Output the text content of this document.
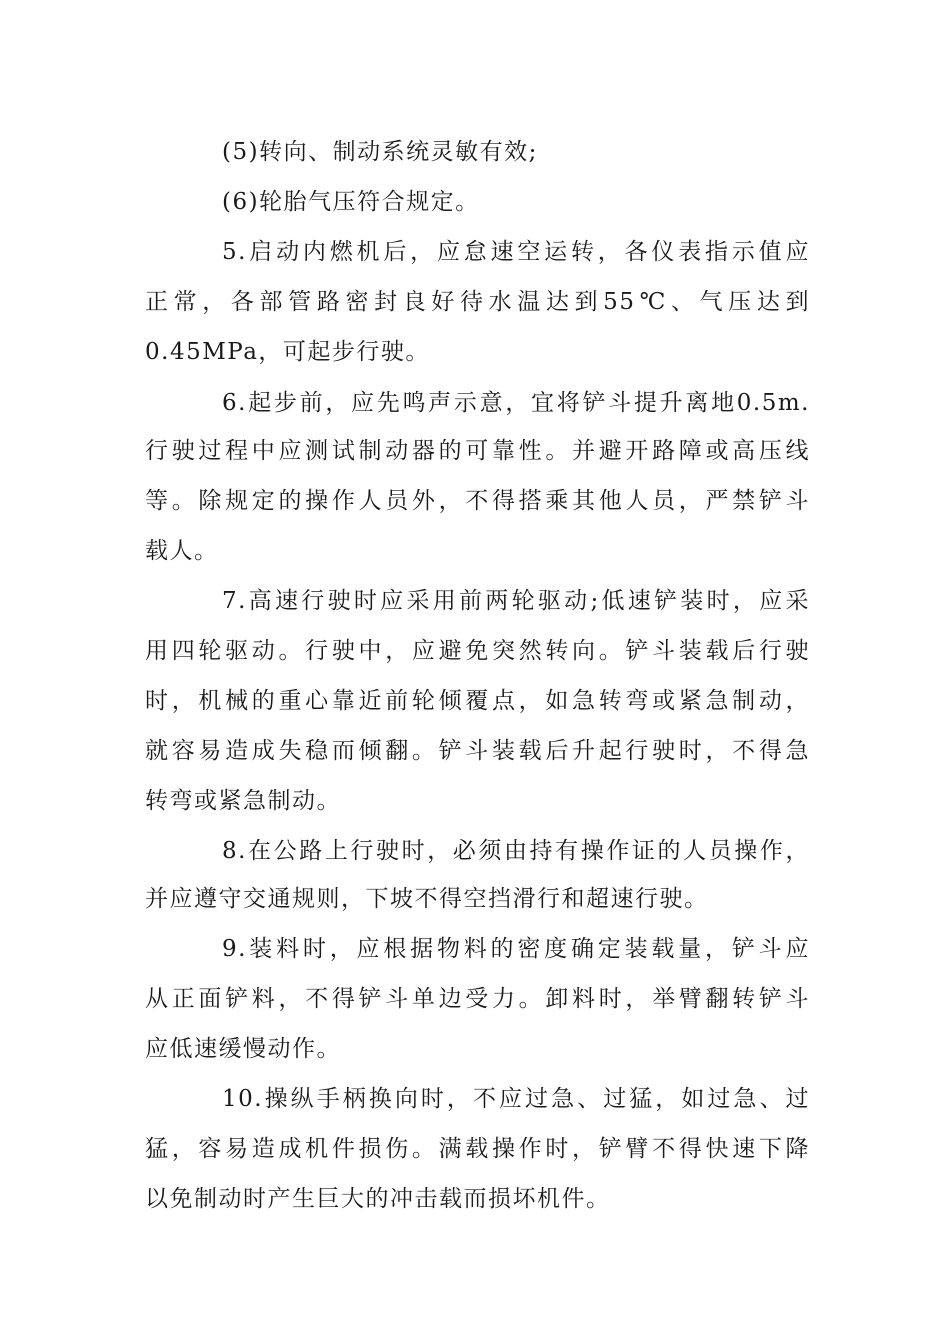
(5)转向、制动系统灵敏有效;
(6)轮胎气压符合规定。
5.启动内燃机后，应怠速空运转，各仪表指示值应
正常，各部管路密封良好待水温达到55℃、气压达到
0.45MPa，可起步行驶。
6.起步前，应先鸣声示意，宜将铲斗提升离地0.5m.
行驶过程中应测试制动器的可靠性。并避开路障或高压线
等。除规定的操作人员外，不得搭乘其他人员，严禁铲斗
载人。
7.高速行驶时应采用前两轮驱动;低速铲装时，应采
用四轮驱动。行驶中，应避免突然转向。铲斗装载后行驶
时，机械的重心靠近前轮倾覆点，如急转弯或紧急制动，
就容易造成失稳而倾翻。铲斗装载后升起行驶时，不得急
转弯或紧急制动。
8.在公路上行驶时，必须由持有操作证的人员操作，
并应遵守交通规则，下坡不得空挡滑行和超速行驶。
9.装料时，应根据物料的密度确定装载量，铲斗应
从正面铲料，不得铲斗单边受力。卸料时，举臂翻转铲斗
应低速缓慢动作。
10.操纵手柄换向时，不应过急、过猛，如过急、过
猛，容易造成机件损伤。满载操作时，铲臂不得快速下降
以免制动时产生巨大的冲击载而损坏机件。
